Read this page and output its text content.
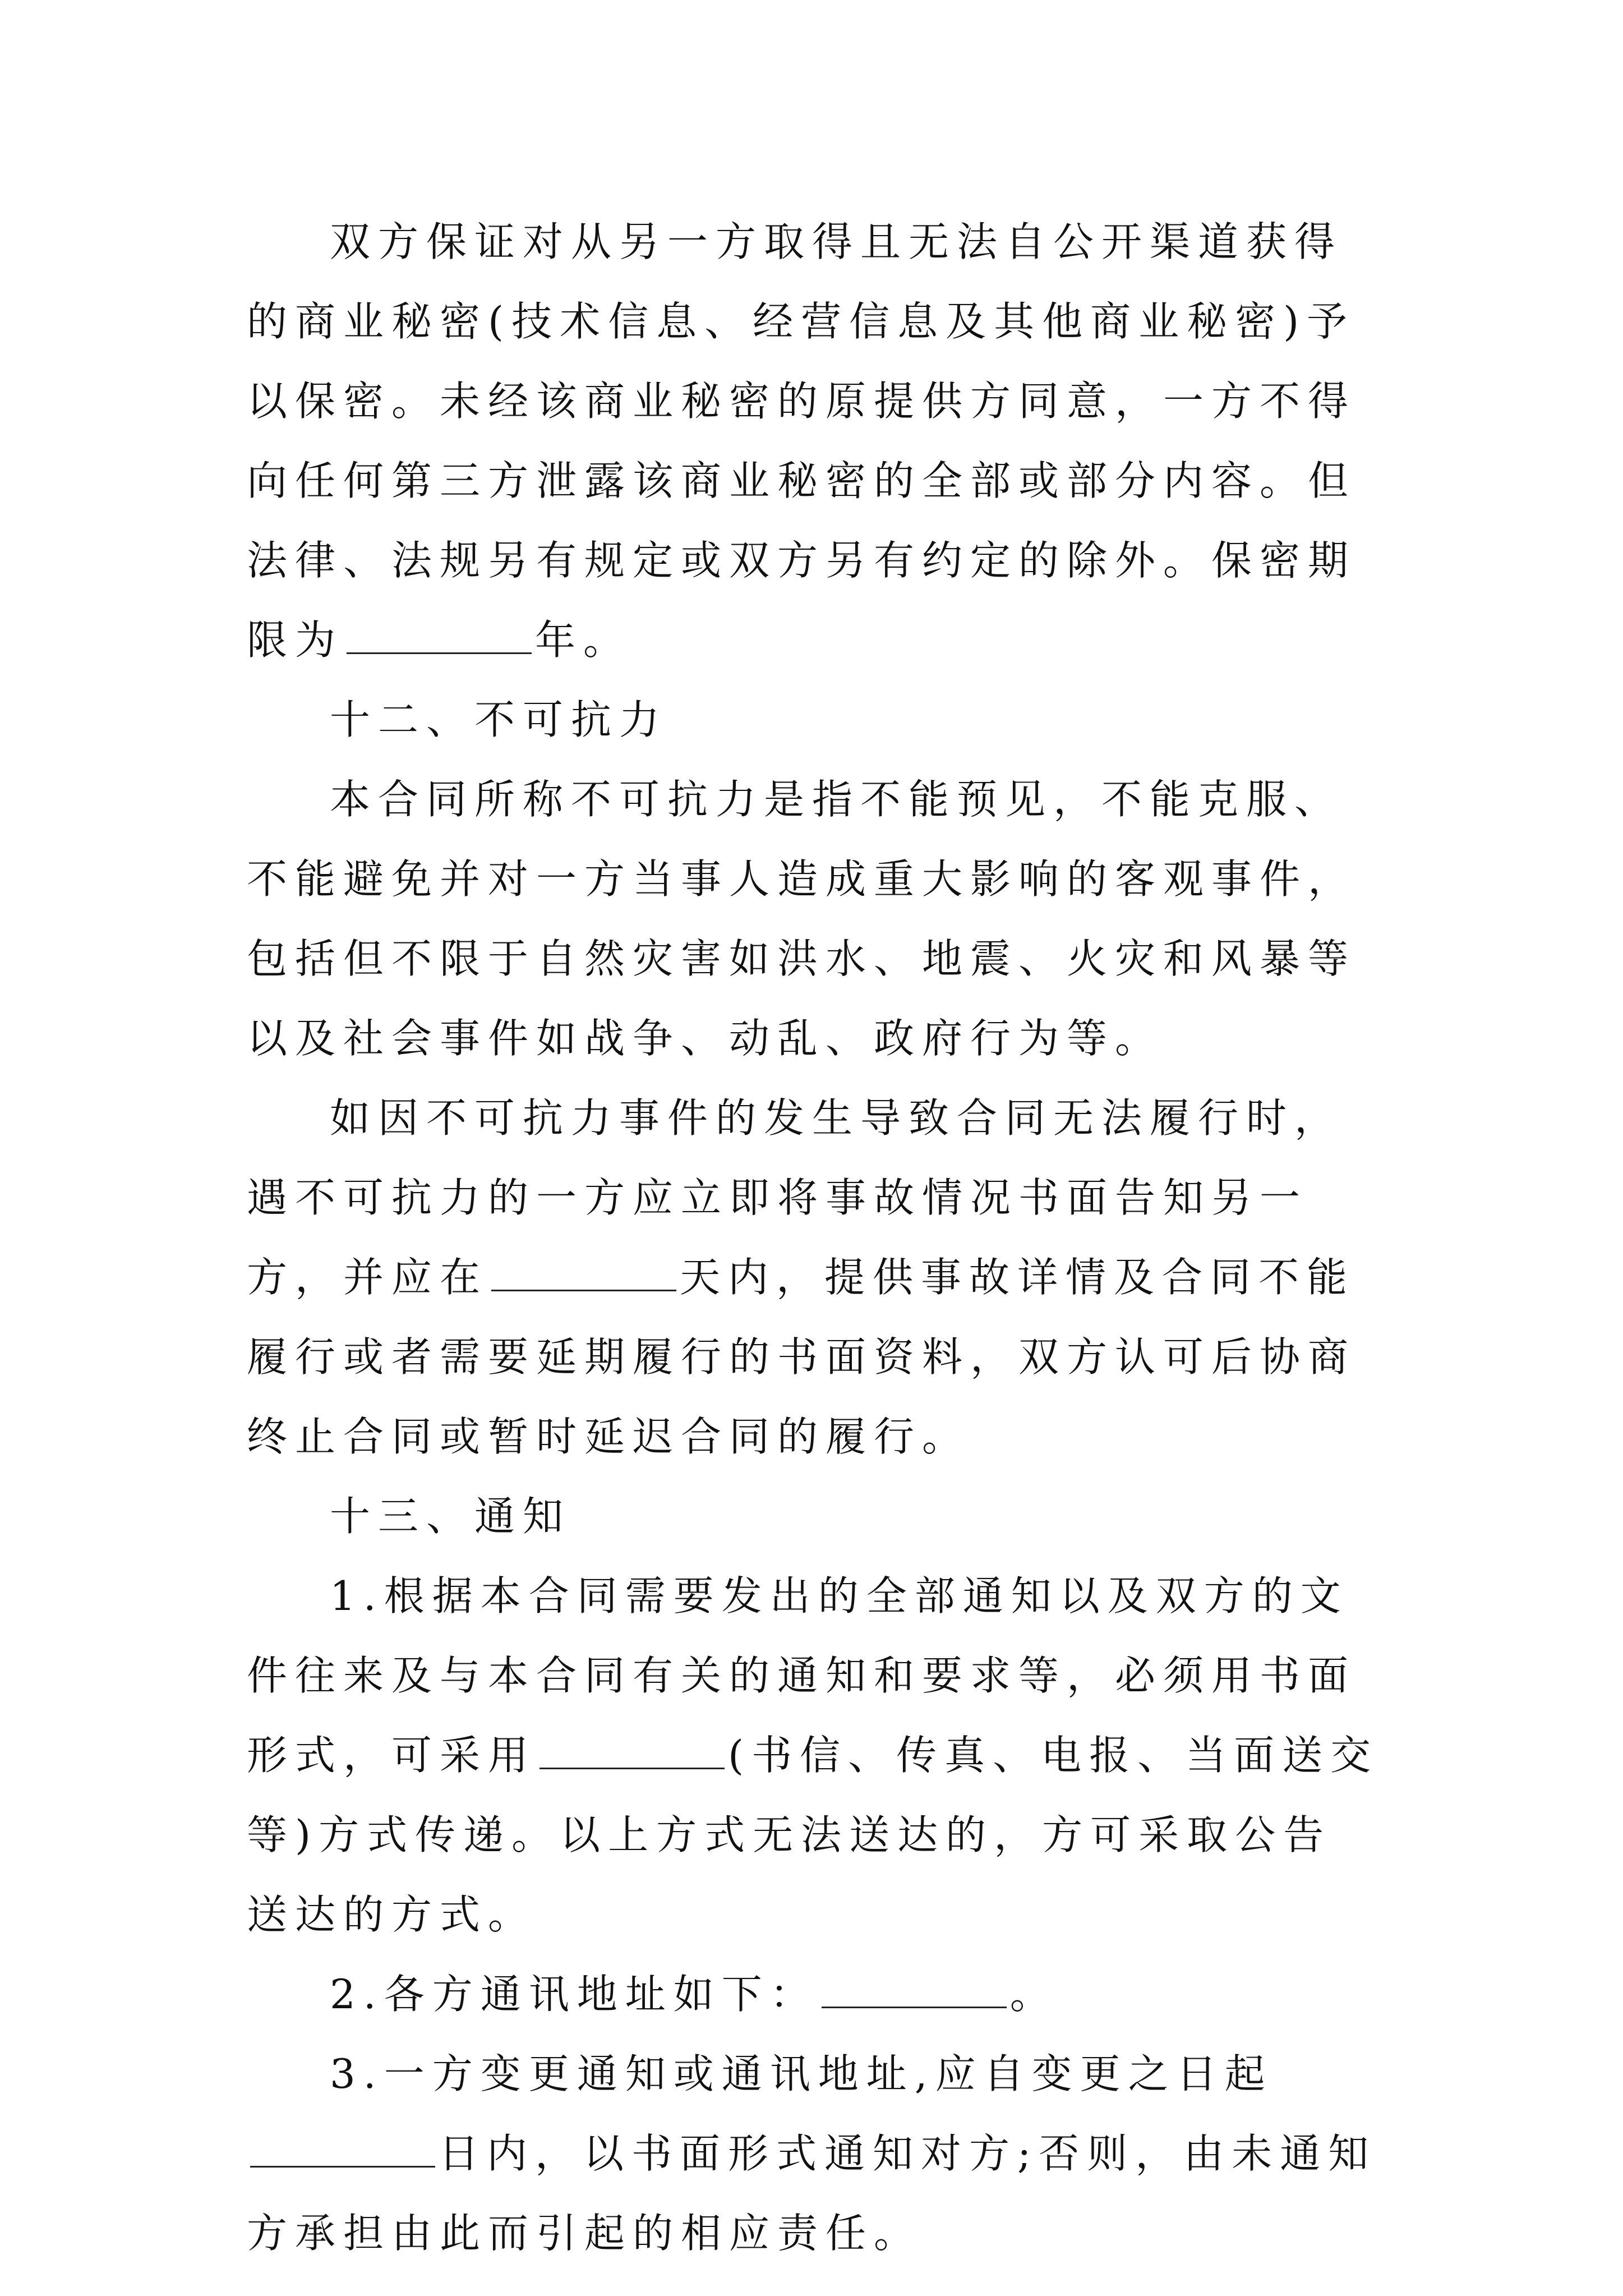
双方保证对从另一方取得且无法自公开渠道获得的商业秘密(技术信息、经营信息及其他商业秘密)予以保密。未经该商业秘密的原提供方同意，一方不得向任何第三方泄露该商业秘密的全部或部分内容。但法律、法规另有规定或双方另有约定的除外。保密期限为	年。

十二、不可抗力

本合同所称不可抗力是指不能预见，不能克服、不能避免并对一方当事人造成重大影响的客观事件，包括但不限于自然灾害如洪水、地震、火灾和风暴等以及社会事件如战争、动乱、政府行为等。

如因不可抗力事件的发生导致合同无法履行时，遇不可抗力的一方应立即将事故情况书面告知另一方，并应在	天内，提供事故详情及合同不能履行或者需要延期履行的书面资料，双方认可后协商终止合同或暂时延迟合同的履行。

十三、通知

1.根据本合同需要发出的全部通知以及双方的文件往来及与本合同有关的通知和要求等，必须用书面形式，可采用	(书信、传真、电报、当面送交等)方式传递。以上方式无法送达的，方可采取公告送达的方式。

2.各方通讯地址如下：	。

3.一方变更通知或通讯地址,应自变更之日起日内，以书面形式通知对方;否则，由未通知方承担由此而引起的相应责任。
